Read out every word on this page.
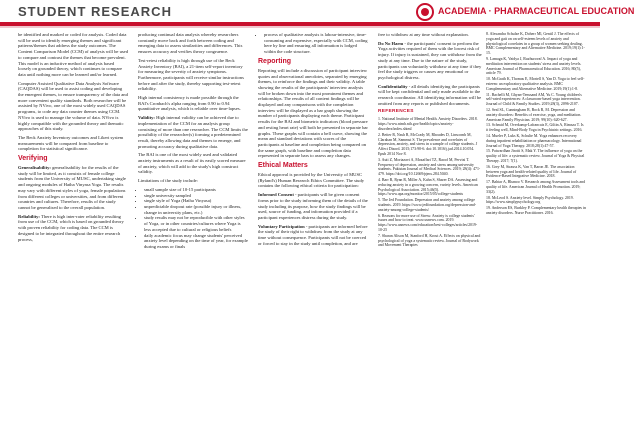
STUDENT RESEARCH	ACADEMIA · PHARMACEUTICAL EDUCATION

be identified and marked or coded for analysis. Coded data will be used to identify emerging themes and significant patterns/themes that address the study outcomes. The Content Comparison Model (CCM) of analysis will be used to compare and contrast the themes that become prevalent. This model is an inductive method of analysis based loosely on grounded theory, which continues to compare data until nothing more can be learned and/or learned.

Computer Assisted Qualitative Data Analysis Software (CAQDAS) will be used to assist coding and developing the emergent themes, to ensure transparency of the data and more convenient quality standards. Both researcher will be assisted by NVivo, one of the most widely used CAQDAS programs, to code any data counter themes using CCM. NVivo is used to manage the volume of data. NVivo is highly compatible with the grounded theory and thematic approaches of this study.

The Beck Anxiety Inventory outcomes and Likert system measurements will be compared from baseline to completion for statistical significance.

Verifying

Generalisability: generalisability for the results of the study will be limited, as it consists of female college students from the University of MUSC, undertaking single and ongoing modules of Hatha Vinyasa Yoga. The results may vary with different styles of yoga, female populations from different colleges or universities, and from different countries and cultures. Therefore, results of the study cannot be generalised to the overall population.

Reliability: There is high inter-rater reliability resulting from use of the CCM, which is based on grounded theory with proven reliability for coding data. The CCM is designed to be integrated throughout the entire research process,

producing continual data analysis whereby researchers constantly move back and forth between coding and emerging data to assess similarities and differences. This ensures accuracy and verifies theory congruence.

Test-retest reliability is high through use of the Beck Anxiety Inventory (BAI), a 21-item self-report inventory for measuring the severity of anxiety symptoms. Furthermore, participants will receive similar instructions before and after the study, thereby supporting test-retest reliability.

High internal consistency is made possible through the BAI's Cronbach's alpha ranging from 0.90 to 0.94 quantitative analysis, which is reliable over time-lapses.

Validity: High internal validity can be achieved due to implementation of the CCM for an analysis group consisting of more than one researcher. The CCM limits the possibility of the researcher(s) forming a predetermined result, thereby allowing data and themes to emerge, and promoting accuracy during qualitative data.

The BAI is one of the most widely used and validated anxiety instruments as a result of its easily scored measure of anxiety, which will add to the study's high construct validity.

Limitations of the study include:

• small sample size of 10-15 participants
• single university sampled
• single style of Yoga (Hatha Vinyasa)
• unpredictable dropout rate (possible injury or illness, change in university plans, etc.)
• study results may not be reproducible with other styles of Yoga, or in other countries/cultures where Yoga is less accepted due to cultural or religious beliefs
• daily academic focus may change students' perceived anxiety level depending on the time of year, for example during exams or finals
• process of qualitative analysis is labour-intensive, time-consuming and expensive, especially with CCM, coding here by line and ensuring all information is lodged within the code structure.
Reporting

Reporting will include a discussion of participant interview quotes and observational anecdotes, separated by emerging themes, to reinforce the findings and their validity. A table showing the results of the participants' interview analysis will be broken down into the most prominent themes and relationships. The results of all content findings will be displayed and any comparisons with the completion interview will be displayed as a bar graph showing the number of participants displaying each theme. Participant results for the BAI and biometric indicators (blood pressure and resting heart rate) will both be presented in separate bar graphs. These graphs will contain a bell curve, showing the mean and standard deviations with scores of the participants at baseline and completion being compared on the same graph, with baseline and completion data represented in separate bars to assess any changes.

Ethical Matters

Ethical approval is provided by the University of MUSC (Ryland's) Human Research Ethics Committee. The study contains the following ethical criteria for participation:

Informed Consent - participants will be given consent forms prior to the study informing them of the details of the study including its purpose, how the study findings will be used, source of funding, and information provided if a participant experiences distress during the study.

Voluntary Participation - participants are informed before the study of their right to withdraw from the study at any time without consequence. Participants will not be coerced or forced to stay in the study until completion, and are

free to withdraw at any time without explanation.

Do No Harm - the participants' consent to perform the Yoga activities required of them with the lowest risk of injury. If injury is sustained, they can withdraw from the study at any time. Due to the nature of the study, participants can voluntarily withdraw at any time if they feel the study triggers or causes any emotional or psychological distress.

Confidentiality - all details identifying the participants will be kept confidential and only made available to the research coordinator. All identifying information will be omitted from any reports or published documents.

REFERENCES
1. National Institute of Mental Health. Anxiety Disorders. 2018. https://www.nimh.nih.gov/health/topics/anxiety-disorders/index.shtml
2. Beiter R, Nash R, McCrady M, Rhoades D, Linscomb M, Clarahan M, Sammut S. The prevalence and correlates of depression, anxiety, and stress in a sample of college students. J Affect Disord. 2015;173:90-6. doi:10.1016/j.jad.2014.10.054. Epub 2014 Nov 8.
3. Auti Z, Mortazavi A, Mozaffari TZ, Raoof M, Pervizi T. Frequency of depression, anxiety and stress among university students. Pakistan Journal of Medical Sciences. 2019; 28(4): 471-479. https://doi.org/10.12669/pjms.284.5040.
4. Barr R, Ryan R, Miller A, Kahn S, Sharer DA. Assessing and reducing anxiety in a growing concern, variety levels. American Psychological Association. 2015;46(5). https://www.apa.org/monitor/2015/05/college-students
5. The Jed Foundation. Depression and anxiety among college students. 2019. https://www.jedfoundation.org/depression-and-anxiety-among-college-students/
6. Reasons for more use of Stress: Anxiety is college students' issues and how to treat. www.usnews.com. 2019. https://www.usnews.com/education/best-colleges/articles/2019-10-25
7. Sharan Alison M, Stanford H, Krout A. Effects on physical and psychological of yoga a systematic review. Journal of Bodywork and Movement Therapies
8. Alexandra Schulze K, Doherr Ml, Gentil J. The effects of yoga and gait on on self-esteem levels of anxiety and physiological correlates in a group of women seeking dealing. BMC Complementary and Alternative Medicine. 2019;19(1):1-15.
9. Lamaga K, Vaidya J, Ruzhurovaf A. Impact of yoga and meditation intervention on students' stress and anxiety levels. American Journal of Pharmaceutical Education. 2016; 80(5), article 79.
10. McGrath K, Thomas E, Mortell S, Yan D. Yoga to feel self-esteem: an exploratory qualitative analysis. BMC Complementary and Alternative Medicine. 2019;19(1):1-8.
11. Bachelli M, Ghyan-Tenssand AM, Yu C. Young children's self-rated experiences: A classroom-based yoga intervention. Journal of Child & Family Studies. 2019;28(3), 2096-2107.
12. Seal SL, Cunningham R, Bock R, M. Depression and anxiety disorders: Benefits of exercise, yoga, and meditation. American Family Physician. 2019; 99(10): 620-627.
13. Schmid M, Overkamp-Lafrancais E, Giltin A, Rimsza T. Is it feeling well, Mind-Body Yoga in Psychiatric settings. 2016.
14. Mueler P, Luks K, Schulte M. Yoga enhances recovery during inpatient rehabilitation or pharmacology. International Journal of Yoga Therapy. 2018;28(1):47-57.
15. Patwardhan Jirotti S, Mak Y. The influence of yoga on the quality of life: a systematic review. Journal of Yoga & Physical Therapy. 2017; 7(1).
16. Grey M, Strauss K, Van T, Baron JE. The association between yoga and health-related quality of life. Journal of Evidence-Based Integrative Medicine. 2018.
17. Bahtar A, Bhanoo V. Research among Assessment tools and quality of life. American Journal of Health Promotion. 2019; 33(2).
18. McLeod S. Anxiety level. Simply Psychology. 2019. https://www.simplypsychology.org
19. Anderson ES, Burkley P. Complementary health therapies in anxiety disorders. Nurse Practitioner. 2016.
